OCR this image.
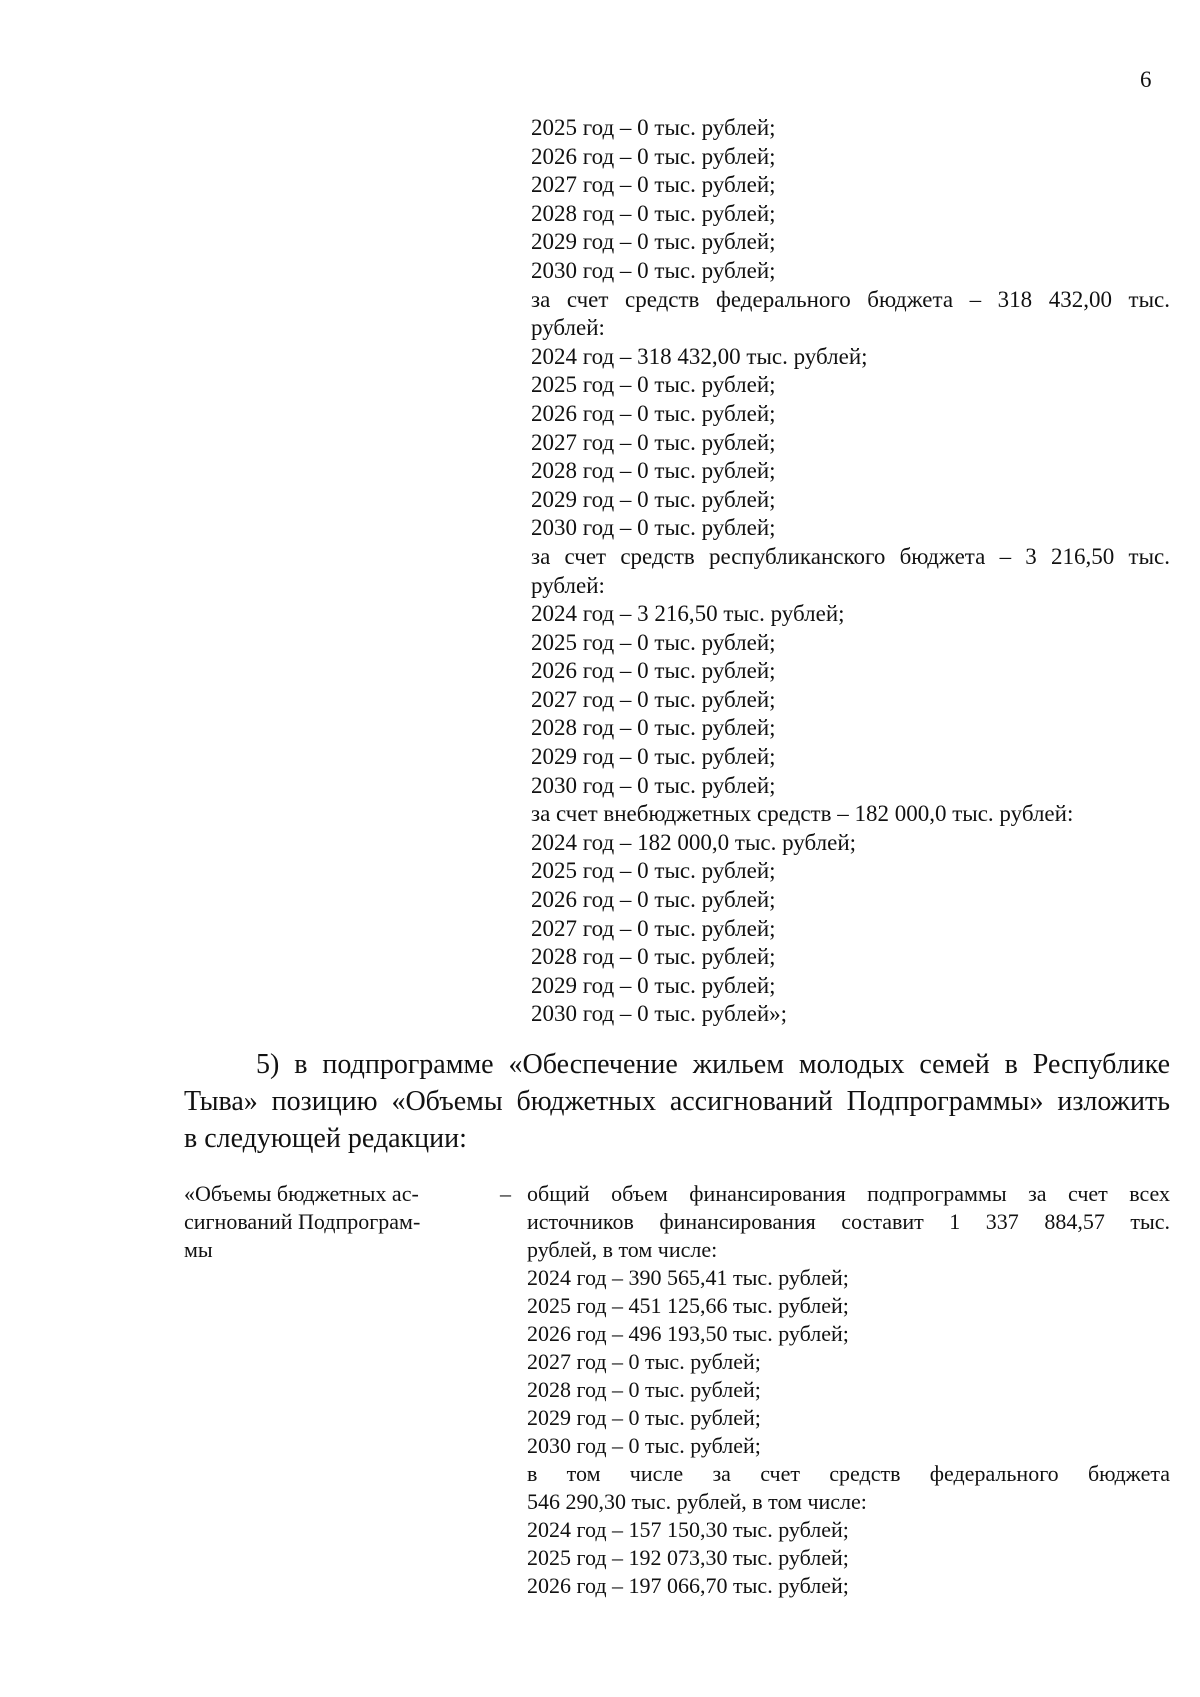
6
2025 год – 0 тыс. рублей;
2026 год – 0 тыс. рублей;
2027 год – 0 тыс. рублей;
2028 год – 0 тыс. рублей;
2029 год – 0 тыс. рублей;
2030 год – 0 тыс. рублей;
за счет средств федерального бюджета – 318 432,00 тыс.
рублей:
2024 год – 318 432,00 тыс. рублей;
2025 год – 0 тыс. рублей;
2026 год – 0 тыс. рублей;
2027 год – 0 тыс. рублей;
2028 год – 0 тыс. рублей;
2029 год – 0 тыс. рублей;
2030 год – 0 тыс. рублей;
за счет средств республиканского бюджета – 3 216,50 тыс.
рублей:
2024 год – 3 216,50 тыс. рублей;
2025 год – 0 тыс. рублей;
2026 год – 0 тыс. рублей;
2027 год – 0 тыс. рублей;
2028 год – 0 тыс. рублей;
2029 год – 0 тыс. рублей;
2030 год – 0 тыс. рублей;
за счет внебюджетных средств – 182 000,0 тыс. рублей:
2024 год – 182 000,0 тыс. рублей;
2025 год – 0 тыс. рублей;
2026 год – 0 тыс. рублей;
2027 год – 0 тыс. рублей;
2028 год – 0 тыс. рублей;
2029 год – 0 тыс. рублей;
2030 год – 0 тыс. рублей»;
5) в подпрограмме «Обеспечение жильем молодых семей в Республике
Тыва» позицию «Объемы бюджетных ассигнований Подпрограммы» изложить
в следующей редакции:
«Объемы бюджетных ас-
сигнований Подпрограм-
мы
– общий объем финансирования подпрограммы за счет всех
источников финансирования составит 1 337 884,57 тыс.
рублей, в том числе:
2024 год – 390 565,41 тыс. рублей;
2025 год – 451 125,66 тыс. рублей;
2026 год – 496 193,50 тыс. рублей;
2027 год – 0 тыс. рублей;
2028 год – 0 тыс. рублей;
2029 год – 0 тыс. рублей;
2030 год – 0 тыс. рублей;
в том числе за счет средств федерального бюджета
546 290,30 тыс. рублей, в том числе:
2024 год – 157 150,30 тыс. рублей;
2025 год – 192 073,30 тыс. рублей;
2026 год – 197 066,70 тыс. рублей;
